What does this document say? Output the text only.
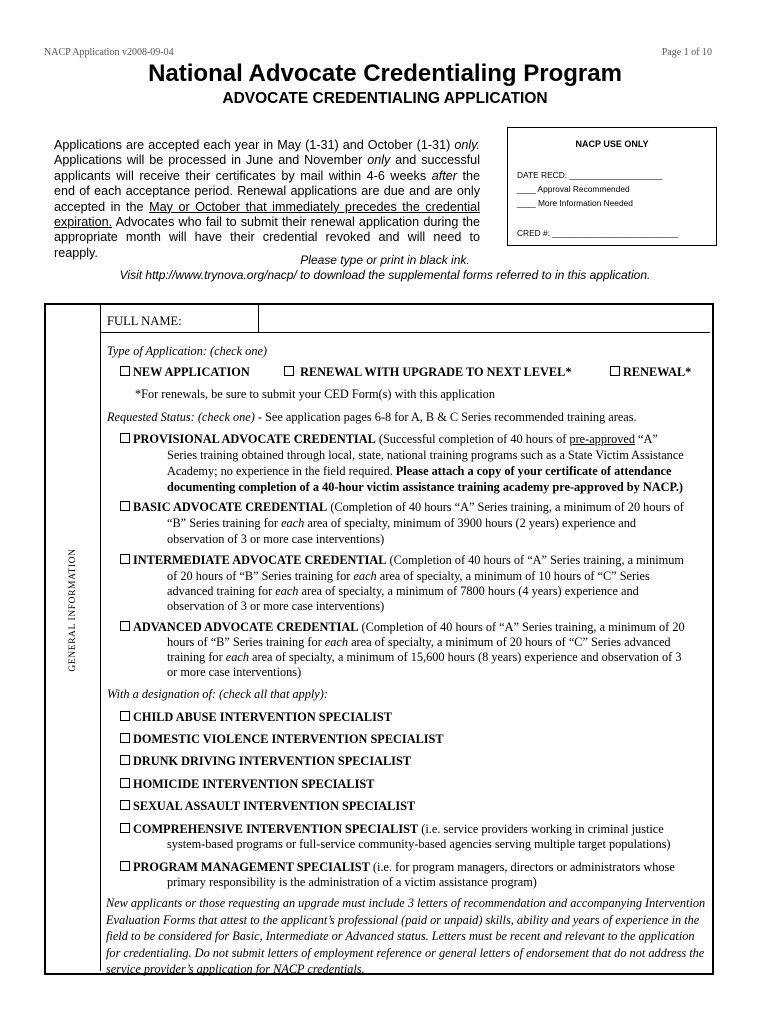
NACP Application v2008-09-04	Page 1 of 10
National Advocate Credentialing Program
ADVOCATE CREDENTIALING APPLICATION

Applications are accepted each year in May (1-31) and October (1-31) only. Applications will be processed in June and November only and successful applicants will receive their certificates by mail within 4-6 weeks after the end of each acceptance period. Renewal applications are due and are only accepted in the May or October that immediately precedes the credential expiration. Advocates who fail to submit their renewal application during the appropriate month will have their credential revoked and will need to reapply.

NACP USE ONLY
DATE RECD: ____________________
____ Approval Recommended
____ More Information Needed
CRED #: ___________________________
Please type or print in black ink.
Visit http://www.trynova.org/nacp/ to download the supplemental forms referred to in this application.
GENERAL INFORMATION
FULL NAME:
Type of Application: (check one)
NEW APPLICATION	RENEWAL WITH UPGRADE TO NEXT LEVEL*	RENEWAL*
*For renewals, be sure to submit your CED Form(s) with this application
Requested Status: (check one) - See application pages 6-8 for A, B & C Series recommended training areas.
PROVISIONAL ADVOCATE CREDENTIAL (Successful completion of 40 hours of pre-approved “A”
Series training obtained through local, state, national training programs such as a State Victim Assistance
Academy; no experience in the field required. Please attach a copy of your certificate of attendance
documenting completion of a 40-hour victim assistance training academy pre-approved by NACP.)
BASIC ADVOCATE CREDENTIAL (Completion of 40 hours “A” Series training, a minimum of 20 hours of
“B” Series training for each area of specialty, minimum of 3900 hours (2 years) experience and
observation of 3 or more case interventions)
INTERMEDIATE ADVOCATE CREDENTIAL (Completion of 40 hours of “A” Series training, a minimum
of 20 hours of “B” Series training for each area of specialty, a minimum of 10 hours of “C” Series
advanced training for each area of specialty, a minimum of 7800 hours (4 years) experience and
observation of 3 or more case interventions)
ADVANCED ADVOCATE CREDENTIAL (Completion of 40 hours of “A” Series training, a minimum of 20
hours of “B” Series training for each area of specialty, a minimum of 20 hours of “C” Series advanced
training for each area of specialty, a minimum of 15,600 hours (8 years) experience and observation of 3
or more case interventions)
With a designation of: (check all that apply):
CHILD ABUSE INTERVENTION SPECIALIST
DOMESTIC VIOLENCE INTERVENTION SPECIALIST
DRUNK DRIVING INTERVENTION SPECIALIST
HOMICIDE INTERVENTION SPECIALIST
SEXUAL ASSAULT INTERVENTION SPECIALIST
COMPREHENSIVE INTERVENTION SPECIALIST (i.e. service providers working in criminal justice
system-based programs or full-service community-based agencies serving multiple target populations)
PROGRAM MANAGEMENT SPECIALIST (i.e. for program managers, directors or administrators whose
primary responsibility is the administration of a victim assistance program)
New applicants or those requesting an upgrade must include 3 letters of recommendation and accompanying Intervention Evaluation Forms that attest to the applicant’s professional (paid or unpaid) skills, ability and years of experience in the field to be considered for Basic, Intermediate or Advanced status. Letters must be recent and relevant to the application for credentialing. Do not submit letters of employment reference or general letters of endorsement that do not address the service provider’s application for NACP credentials.
